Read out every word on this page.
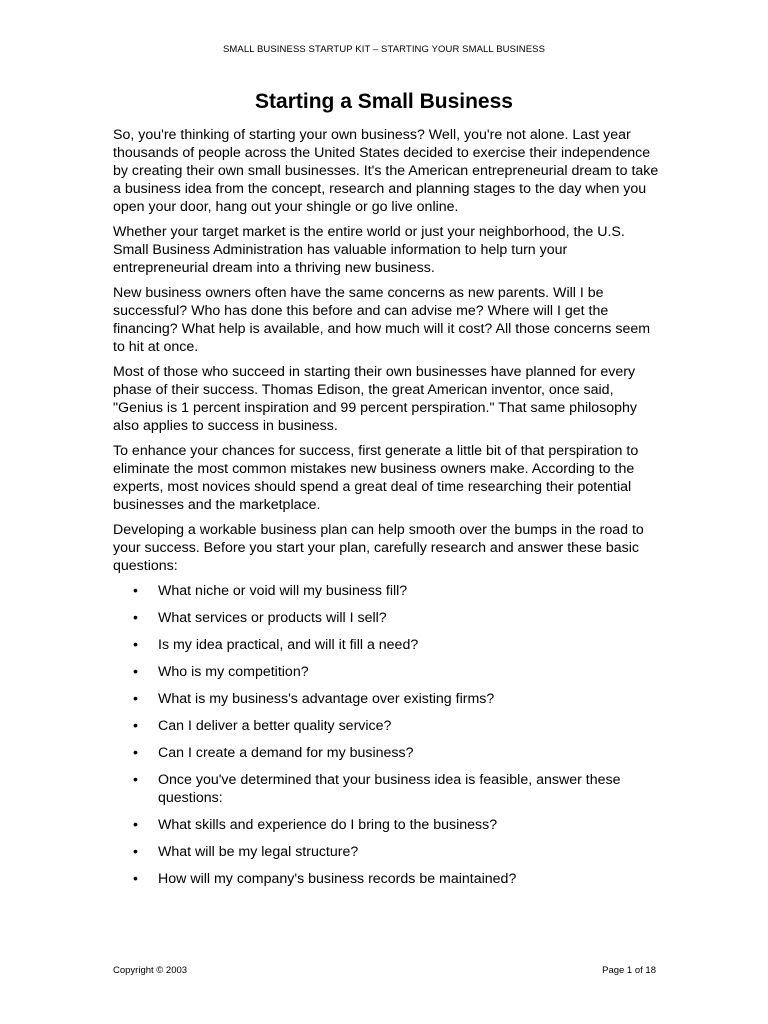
SMALL BUSINESS STARTUP KIT – STARTING YOUR SMALL BUSINESS
Starting a Small Business

So, you're thinking of starting your own business? Well, you're not alone. Last year thousands of people across the United States decided to exercise their independence by creating their own small businesses. It's the American entrepreneurial dream to take a business idea from the concept, research and planning stages to the day when you open your door, hang out your shingle or go live online.

Whether your target market is the entire world or just your neighborhood, the U.S. Small Business Administration has valuable information to help turn your entrepreneurial dream into a thriving new business.

New business owners often have the same concerns as new parents. Will I be successful? Who has done this before and can advise me? Where will I get the financing? What help is available, and how much will it cost? All those concerns seem to hit at once.

Most of those who succeed in starting their own businesses have planned for every phase of their success. Thomas Edison, the great American inventor, once said, "Genius is 1 percent inspiration and 99 percent perspiration." That same philosophy also applies to success in business.

To enhance your chances for success, first generate a little bit of that perspiration to eliminate the most common mistakes new business owners make. According to the experts, most novices should spend a great deal of time researching their potential businesses and the marketplace.

Developing a workable business plan can help smooth over the bumps in the road to your success. Before you start your plan, carefully research and answer these basic questions:

• What niche or void will my business fill?
• What services or products will I sell?
• Is my idea practical, and will it fill a need?
• Who is my competition?
• What is my business's advantage over existing firms?
• Can I deliver a better quality service?
• Can I create a demand for my business?
• Once you've determined that your business idea is feasible, answer these questions:
• What skills and experience do I bring to the business?
• What will be my legal structure?
• How will my company's business records be maintained?
Copyright © 2003	Page 1 of 18
